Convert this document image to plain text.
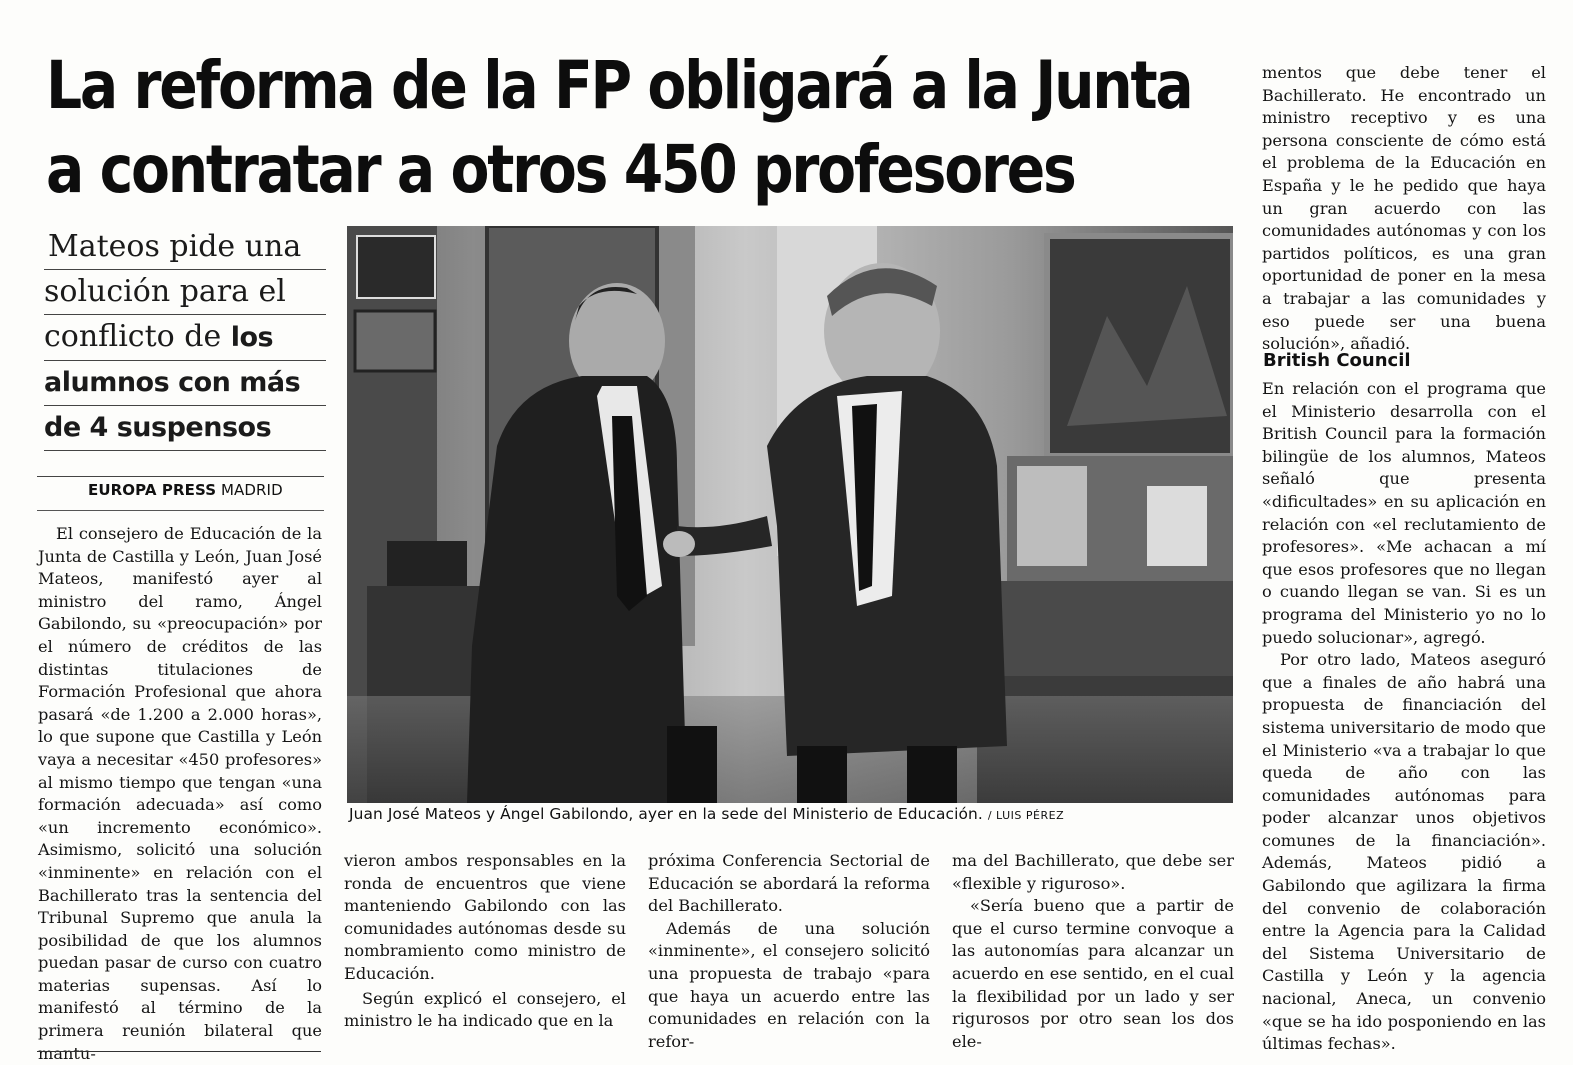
La reforma de la FP obligará a la Junta
a contratar a otros 450 profesores
Mateos pide una
solución para el
conflicto de los
alumnos con más
de 4 suspensos
EUROPA PRESS MADRID

El consejero de Educación de la Junta de Castilla y León, Juan José Mateos, manifestó ayer al ministro del ramo, Ángel Gabilondo, su «preocupación» por el número de créditos de las distintas titulaciones de Formación Profesional que ahora pasará «de 1.200 a 2.000 horas», lo que supone que Castilla y León vaya a necesitar «450 profesores» al mismo tiempo que tengan «una formación adecuada» así como «un incremento económico». Asimismo, solicitó una solución «inminente» en relación con el Bachillerato tras la sentencia del Tribunal Supremo que anula la posibilidad de que los alumnos puedan pasar de curso con cuatro materias supensas. Así lo manifestó al término de la primera reunión bilateral que mantu-

Juan José Mateos y Ángel Gabilondo, ayer en la sede del Ministerio de Educación. / LUIS PÉREZ

vieron ambos responsables en la ronda de encuentros que viene manteniendo Gabilondo con las comunidades autónomas desde su nombramiento como ministro de Educación.

Según explicó el consejero, el ministro le ha indicado que en la

próxima Conferencia Sectorial de Educación se abordará la reforma del Bachillerato.

Además de una solución «inminente», el consejero solicitó una propuesta de trabajo «para que haya un acuerdo entre las comunidades en relación con la refor-

ma del Bachillerato, que debe ser «flexible y riguroso».

«Sería bueno que a partir de que el curso termine convoque a las autonomías para alcanzar un acuerdo en ese sentido, en el cual la flexibilidad por un lado y ser rigurosos por otro sean los dos ele-

mentos que debe tener el Bachillerato. He encontrado un ministro receptivo y es una persona consciente de cómo está el problema de la Educación en España y le he pedido que haya un gran acuerdo con las comunidades autónomas y con los partidos políticos, es una gran oportunidad de poner en la mesa a trabajar a las comunidades y eso puede ser una buena solución», añadió.

British Council

En relación con el programa que el Ministerio desarrolla con el British Council para la formación bilingüe de los alumnos, Mateos señaló que presenta «dificultades» en su aplicación en relación con «el reclutamiento de profesores». «Me achacan a mí que esos profesores que no llegan o cuando llegan se van. Si es un programa del Ministerio yo no lo puedo solucionar», agregó.

Por otro lado, Mateos aseguró que a finales de año habrá una propuesta de financiación del sistema universitario de modo que el Ministerio «va a trabajar lo que queda de año con las comunidades autónomas para poder alcanzar unos objetivos comunes de la financiación». Además, Mateos pidió a Gabilondo que agilizara la firma del convenio de colaboración entre la Agencia para la Calidad del Sistema Universitario de Castilla y León y la agencia nacional, Aneca, un convenio «que se ha ido posponiendo en las últimas fechas».
